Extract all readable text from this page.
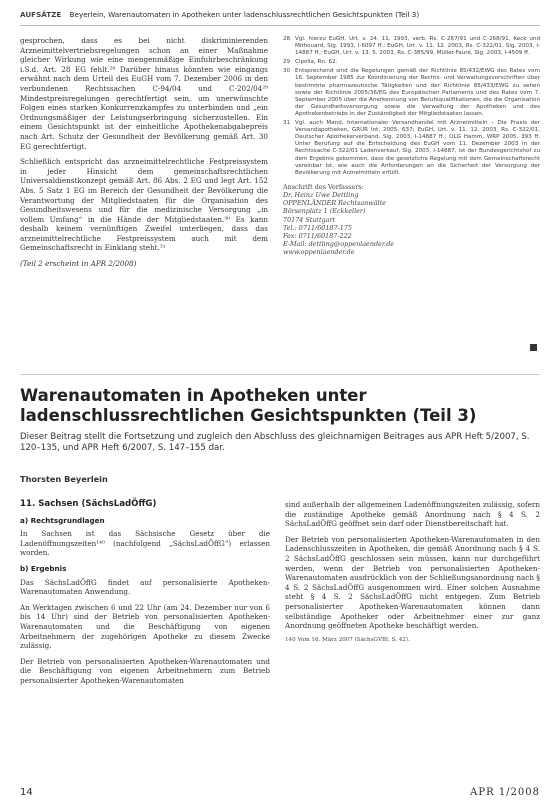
AUFSÄTZE Beyerlein, Warenautomaten in Apotheken unter ladenschlussrechtlichen Gesichtspunkten (Teil 3)

gesprochen, dass es bei nicht diskriminierenden Arzneimittelvertriebsregelungen schon an einer Maßnahme gleicher Wirkung wie eine mengenmäßige Einfuhrbeschränkung i.S.d. Art. 28 EG fehlt.²⁸ Darüber hinaus könnten wie eingangs erwähnt nach dem Urteil des EuGH vom 7. Dezember 2006 in den verbundenen Rechtssachen C-94/04 und C-202/04²⁹ Mindestpreisregelungen gerechtfertigt sein, um unerwünschte Folgen eines starken Konkurrenzkampfes zu unterbinden und „ein Ordnungsmäßiger der Leistungserbringung sicherzustellen. Ein einem Gesichtspunkt ist der einheitliche Apothekenabgabepreis nach Art. Schutz der Gesundheit der Bevölkerung gemäß Art. 30 EG gerechtfertigt.

Schließlich entspricht das arzneimittelrechtliche Festpreissystem in jeder Hinsicht dem gemeinschaftsrechtlichen Universaldienstkonzept gemäß Art. 86 Abs. 2 EG und legt Art. 152 Abs. 5 Satz 1 EG im Bereich der Gesundheit der Bevölkerung die Verantwortung der Mitgliedstaaten für die Organisation des Gesundheitswesens und für die medizinische Versorgung „in vollem Umfang“ in die Hände der Mitgliedstaaten.³⁰ Es kann deshalb keinem vernünftigen Zweifel unterliegen, dass das arzneimittelrechtliche Festpreissystem auch mit dem Gemeinschaftsrecht in Einklang steht.³¹

(Teil 2 erscheint in APR 2/2008)

28 Vgl. hierzu EuGH, Urt. v. 24. 11. 1993, verb. Rs. C-267/91 und C-268/91, Keck und Mithouard, Slg. 1993, I-6097 ff.; EuGH, Urt. v. 11. 12. 2003, Rs. C-322/01, Slg. 2003, I-14887 ff.; EuGH, Urt. v. 13. 5. 2003, Rs. C-385/99, Müller-Fauré, Slg. 2003, I-4509 ff.
29 Cipolla, Rn. 62.
30 Entsprechend sind die Regelungen gemäß der Richtlinie 85/432/EWG des Rates vom 16. September 1985 zur Koordinierung der Rechts- und Verwaltungsvorschriften über bestimmte pharmazeutische Tätigkeiten und der Richtlinie 85/433/EWG zu sehen sowie der Richtlinie 2005/36/EG des Europäischen Parlaments und des Rates vom 7. September 2005 über die Anerkennung von Berufsqualifikationen, die die Organisation der Gesundheitsversorgung sowie die Verwaltung der Apotheken und des Apothekenbetriebs in der Zuständigkeit der Mitgliedstaaten lassen.
31 Vgl. auch Mand, Internationaler Versandhandel mit Arzneimitteln – Die Praxis der Versandapotheken, GRUR Int. 2005, 637; EuGH, Urt. v. 11. 12. 2003, Rs. C-322/01, Deutscher Apothekerverband, Slg. 2003, I-14887 ff.; OLG Hamm, WRP 2005, 393 ff. Unter Berufung auf die Entscheidung des EuGH vom 11. Dezember 2003 in der Rechtssache C-322/01 Ladenverkauf, Slg. 2003, I-14887, ist der Bundesgerichtshof zu dem Ergebnis gekommen, dass die gesetzliche Regelung mit dem Gemeinschaftsrecht vereinbar ist, wie auch die Anforderungen an die Sicherheit der Versorgung der Bevölkerung mit Arzneimitteln erfüllt.
Anschrift des Verfassers:
Dr. Heinz Uwe Dettling
OPPENLÄNDER Rechtsanwälte
Börsenplatz 1 (Eckkeller)
70174 Stuttgart
Tel.: 0711/60187-175
Fax: 0711/60187-222
E-Mail: dettling@oppenlaender.de
www.oppenlaender.de
Warenautomaten in Apotheken unter ladenschlussrechtlichen Gesichtspunkten (Teil 3)
Dieser Beitrag stellt die Fortsetzung und zugleich den Abschluss des gleichnamigen Beitrages aus APR Heft 5/2007, S. 120–135, und APR Heft 6/2007, S. 147–155 dar.
Thorsten Beyerlein
11. Sachsen (SächsLadÖffG)
a) Rechtsgrundlagen

In Sachsen ist das Sächsische Gesetz über die Ladenöffnungszeiten¹⁴⁰ (nachfolgend „SächsLadÖffG“) erlassen worden.

b) Ergebnis

Das SächsLadÖffG findet auf personalisierte Apotheken-Warenautomaten Anwendung.

An Werktagen zwischen 6 und 22 Uhr (am 24. Dezember nur von 6 bis 14 Uhr) sind der Betrieb von personalisierten Apotheken-Warenautomaten und die Beschäftigung von eigenen Arbeitnehmern der zugehörigen Apotheke zu diesem Zwecke zulässig.

Der Betrieb von personalisierten Apotheken-Warenautomaten und die Beschäftigung von eigenen Arbeitnehmern zum Betrieb personalisierter Apotheken-Warenautomaten

sind außerhalb der allgemeinen Ladenöffnungszeiten zulässig, sofern die zuständige Apotheke gemäß Anordnung nach § 4 S. 2 SächsLadÖffG geöffnet sein darf oder Dienstbereitschaft hat.

Der Betrieb von personalisierten Apotheken-Warenautomaten in den Ladenschlusszeiten in Apotheken, die gemäß Anordnung nach § 4 S. 2 SächsLadÖffG geschlossen sein müssen, kann nur durchgeführt werden, wenn der Betrieb von personalisierten Apotheken-Warenautomaten ausdrücklich von der Schließungsanordnung nach § 4 S. 2 SächsLadÖffG ausgenommen wird. Einer solchen Ausnahme steht § 4 S. 2 SächsLadÖffG nicht entgegen. Zum Betrieb personalisierter Apotheken-Warenautomaten können dann selbständige Apotheker oder Arbeitnehmer einer zur ganz Anordnung geöffneten Apotheke beschäftigt werden.

140 Vom 16. März 2007 (SächsGVBl. S. 42).

14	APR 1/2008
